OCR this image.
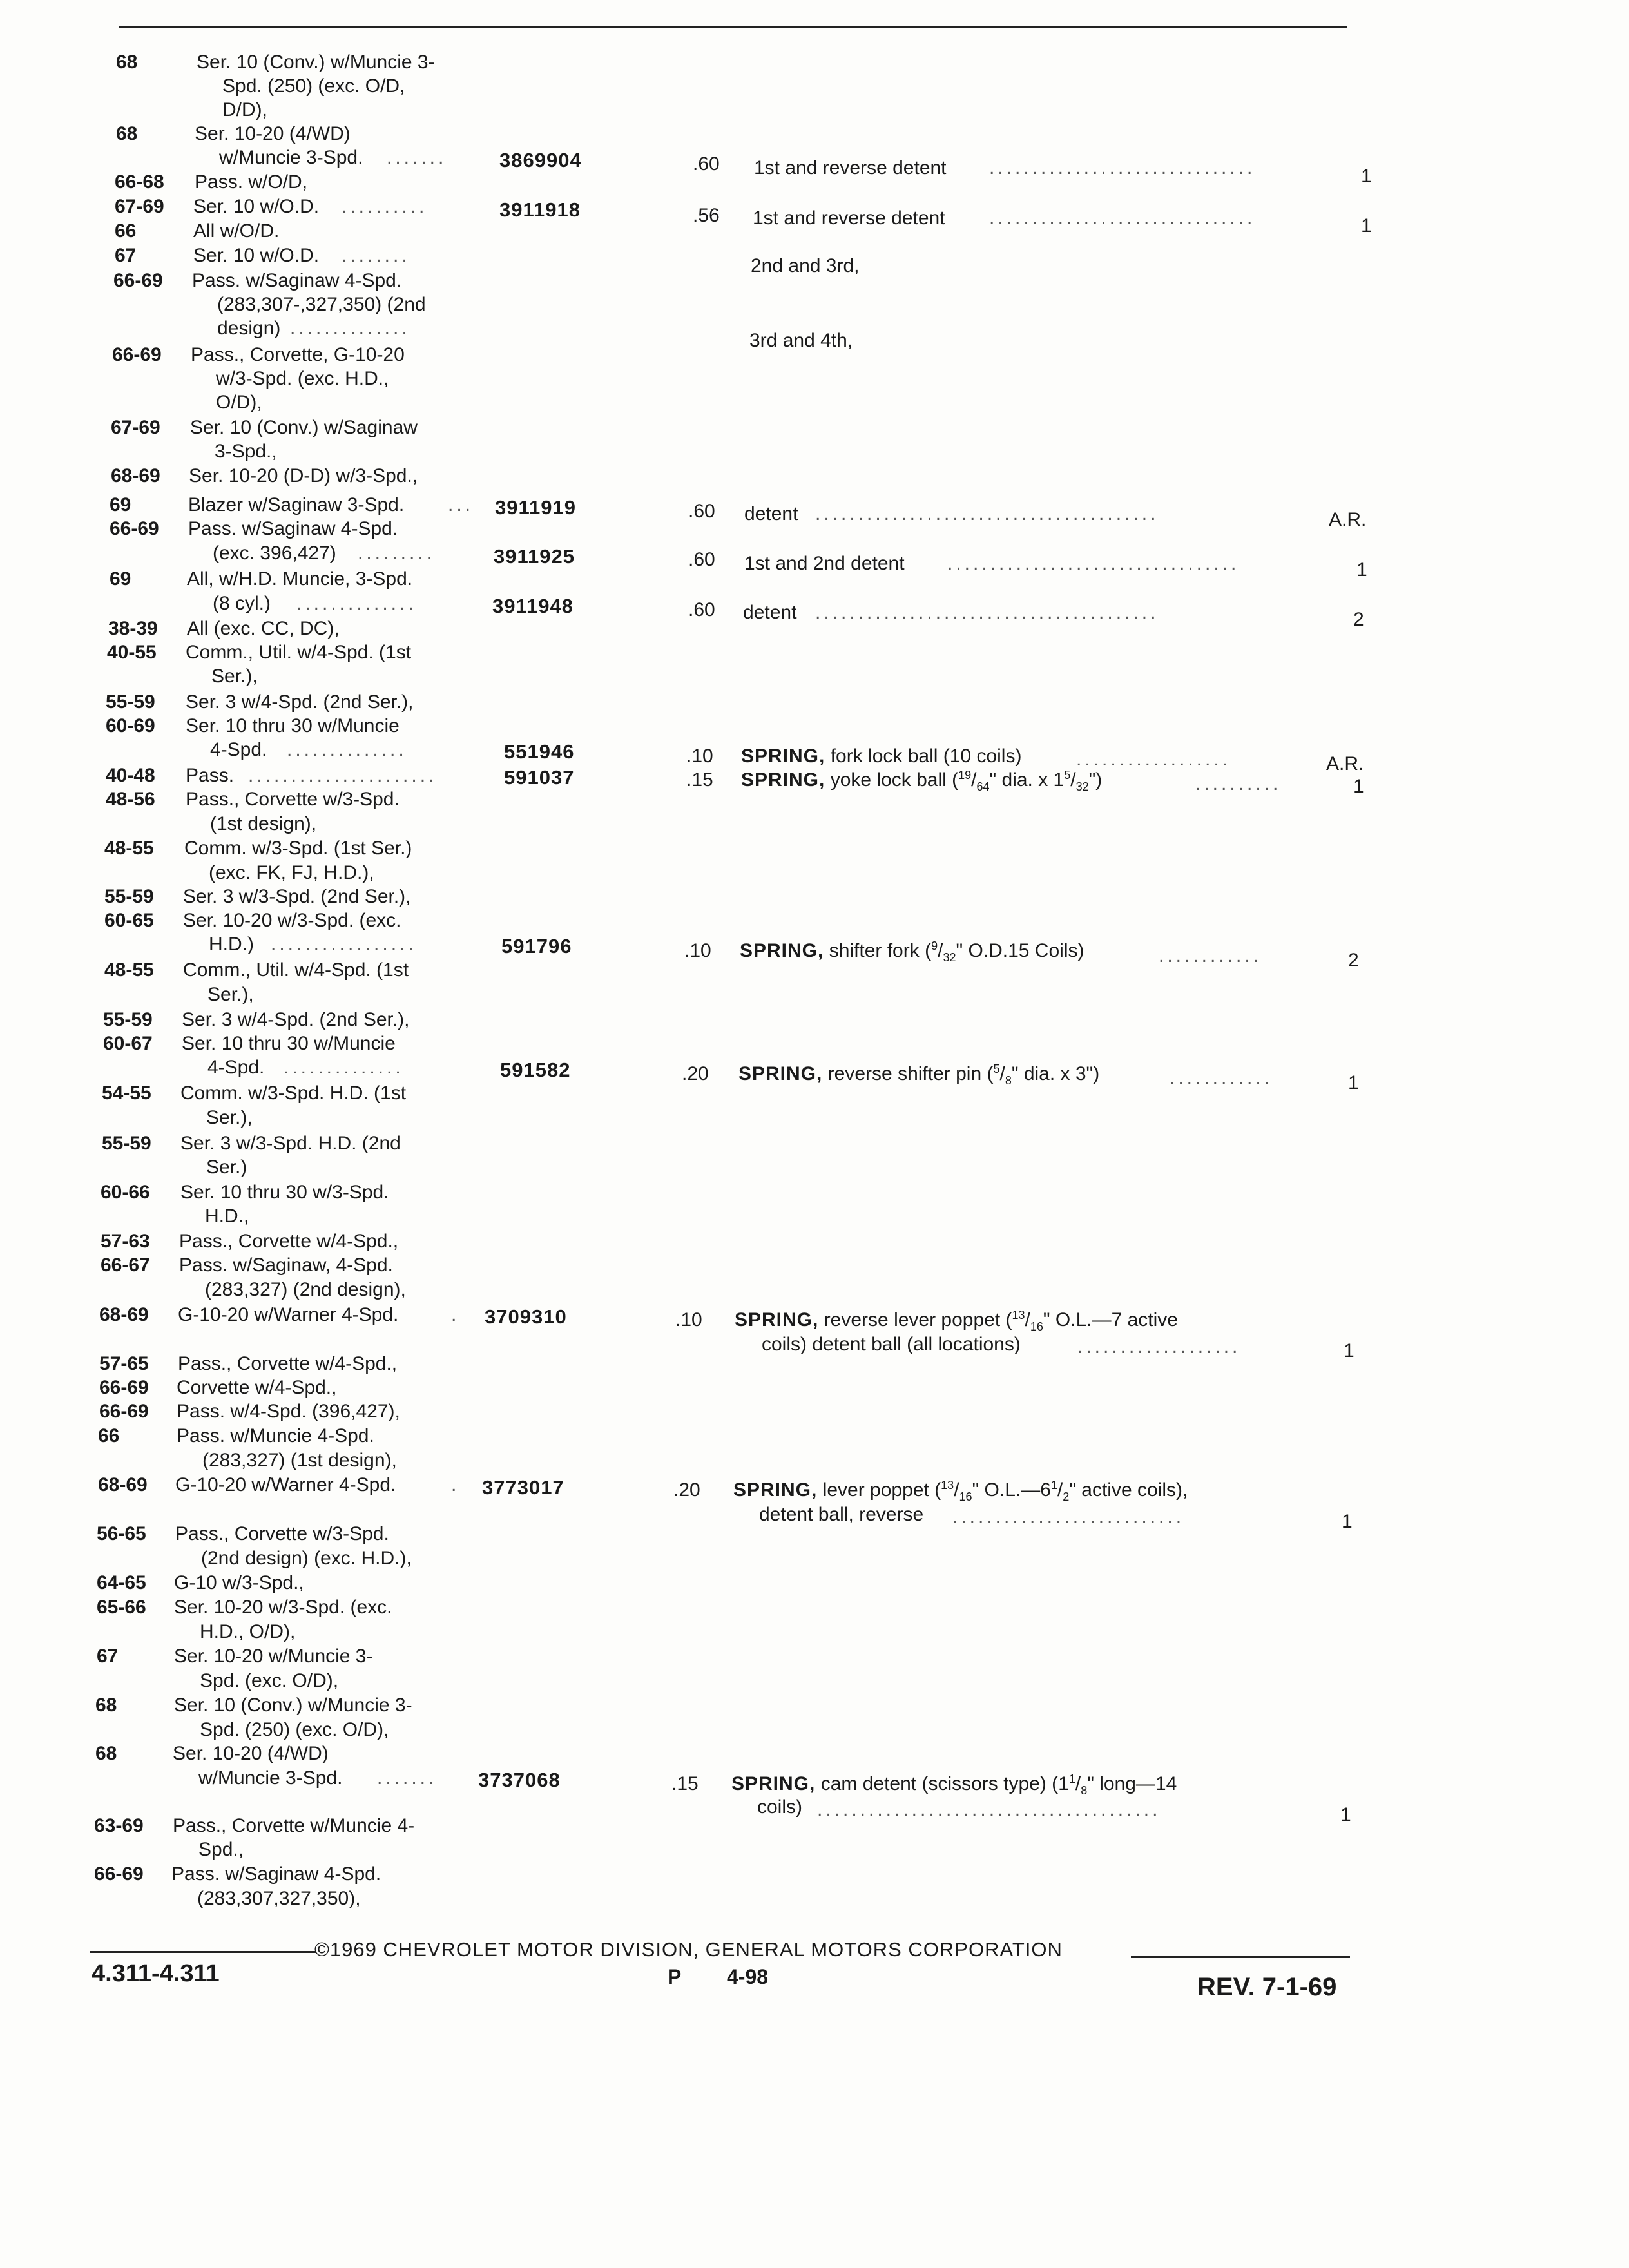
68	Ser. 10 (Conv.) w/Muncie 3-
Spd. (250) (exc. O/D,
D/D),
68	Ser. 10-20 (4/WD)
w/Muncie 3-Spd. .......	3869904	.60 1st and reverse detent ...............................	1
66-68 Pass. w/O/D,
67-69 Ser. 10 w/O.D. ..........	3911918	.56 1st and reverse detent ...............................	1
66	All w/O/D.
67	Ser. 10 w/O.D. ........	2nd and 3rd,
66-69 Pass. w/Saginaw 4-Spd.
(283,307-,327,350) (2nd
design) ..............
3rd and 4th,
66-69 Pass., Corvette, G-10-20
w/3-Spd. (exc. H.D.,
O/D),
67-69 Ser. 10 (Conv.) w/Saginaw
3-Spd.,
68-69 Ser. 10-20 (D-D) w/3-Spd.,
69	Blazer w/Saginaw 3-Spd. ... 3911919	.60 detent ........................................	A.R.
66-69 Pass. w/Saginaw 4-Spd.
(exc. 396,427) .........	3911925	.60 1st and 2nd detent ..................................	1
69	All, w/H.D. Muncie, 3-Spd.
(8 cyl.) ..............	3911948	.60 detent ........................................	2
38-39 All (exc. CC, DC),
40-55 Comm., Util. w/4-Spd. (1st
Ser.),
55-59 Ser. 3 w/4-Spd. (2nd Ser.),
60-69 Ser. 10 thru 30 w/Muncie
4-Spd. ..............	551946	.10 SPRING, fork lock ball (10 coils)	..................	A.R.
40-48 Pass. ......................	591037	.15 SPRING, yoke lock ball ($^{19}/_{64}$" dia. x $1^5/_{32}$")	..........	1
48-56 Pass., Corvette w/3-Spd.
(1st design),
48-55 Comm. w/3-Spd. (1st Ser.)
(exc. FK, FJ, H.D.),
55-59 Ser. 3 w/3-Spd. (2nd Ser.),
60-65 Ser. 10-20 w/3-Spd. (exc.
H.D.) .................	591796	.10 SPRING, shifter fork ($^9/_{32}$" O.D.15 Coils)	............	2
48-55 Comm., Util. w/4-Spd. (1st
Ser.),
55-59 Ser. 3 w/4-Spd. (2nd Ser.),
60-67 Ser. 10 thru 30 w/Muncie
4-Spd. ..............	591582	.20 SPRING, reverse shifter pin ($^5/_8$" dia. x 3")	............	1
54-55 Comm. w/3-Spd. H.D. (1st
Ser.),
55-59 Ser. 3 w/3-Spd. H.D. (2nd
Ser.)
60-66 Ser. 10 thru 30 w/3-Spd.
H.D.,
57-63 Pass., Corvette w/4-Spd.,
66-67 Pass. w/Saginaw, 4-Spd.
(283,327) (2nd design),
68-69 G-10-20 w/Warner 4-Spd.	. 3709310	.10 SPRING, reverse lever poppet ($^{13}/_{16}$" O.L.—7 active
coils) detent ball (all locations)	...................	1
57-65 Pass., Corvette w/4-Spd.,
66-69 Corvette w/4-Spd.,
66-69 Pass. w/4-Spd. (396,427),
66	Pass. w/Muncie 4-Spd.
(283,327) (1st design),
68-69 G-10-20 w/Warner 4-Spd.	. 3773017	.20 SPRING, lever poppet ($^{13}/_{16}$" $O.L.—6^1/_2$" active coils),
detent ball, reverse ...........................	1
56-65 Pass., Corvette w/3-Spd.
(2nd design) (exc. H.D.),
64-65 G-10 w/3-Spd.,
65-66 Ser. 10-20 w/3-Spd. (exc.
H.D., O/D),
67	Ser. 10-20 w/Muncie 3-
Spd. (exc. O/D),
68	Ser. 10 (Conv.) w/Muncie 3-
Spd. (250) (exc. O/D),
68	Ser. 10-20 (4/WD)
w/Muncie 3-Spd. ....... 3737068	.15 SPRING, cam detent (scissors type) ($1^1/_8$" long—14
coils) ........................................	1
63-69 Pass., Corvette w/Muncie 4-
Spd.,
66-69 Pass. w/Saginaw 4-Spd.
(283,307,327,350),
©1969 CHEVROLET MOTOR DIVISION, GENERAL MOTORS CORPORATION
4.311-4.311	P 4-98	REV. 7-1-69
